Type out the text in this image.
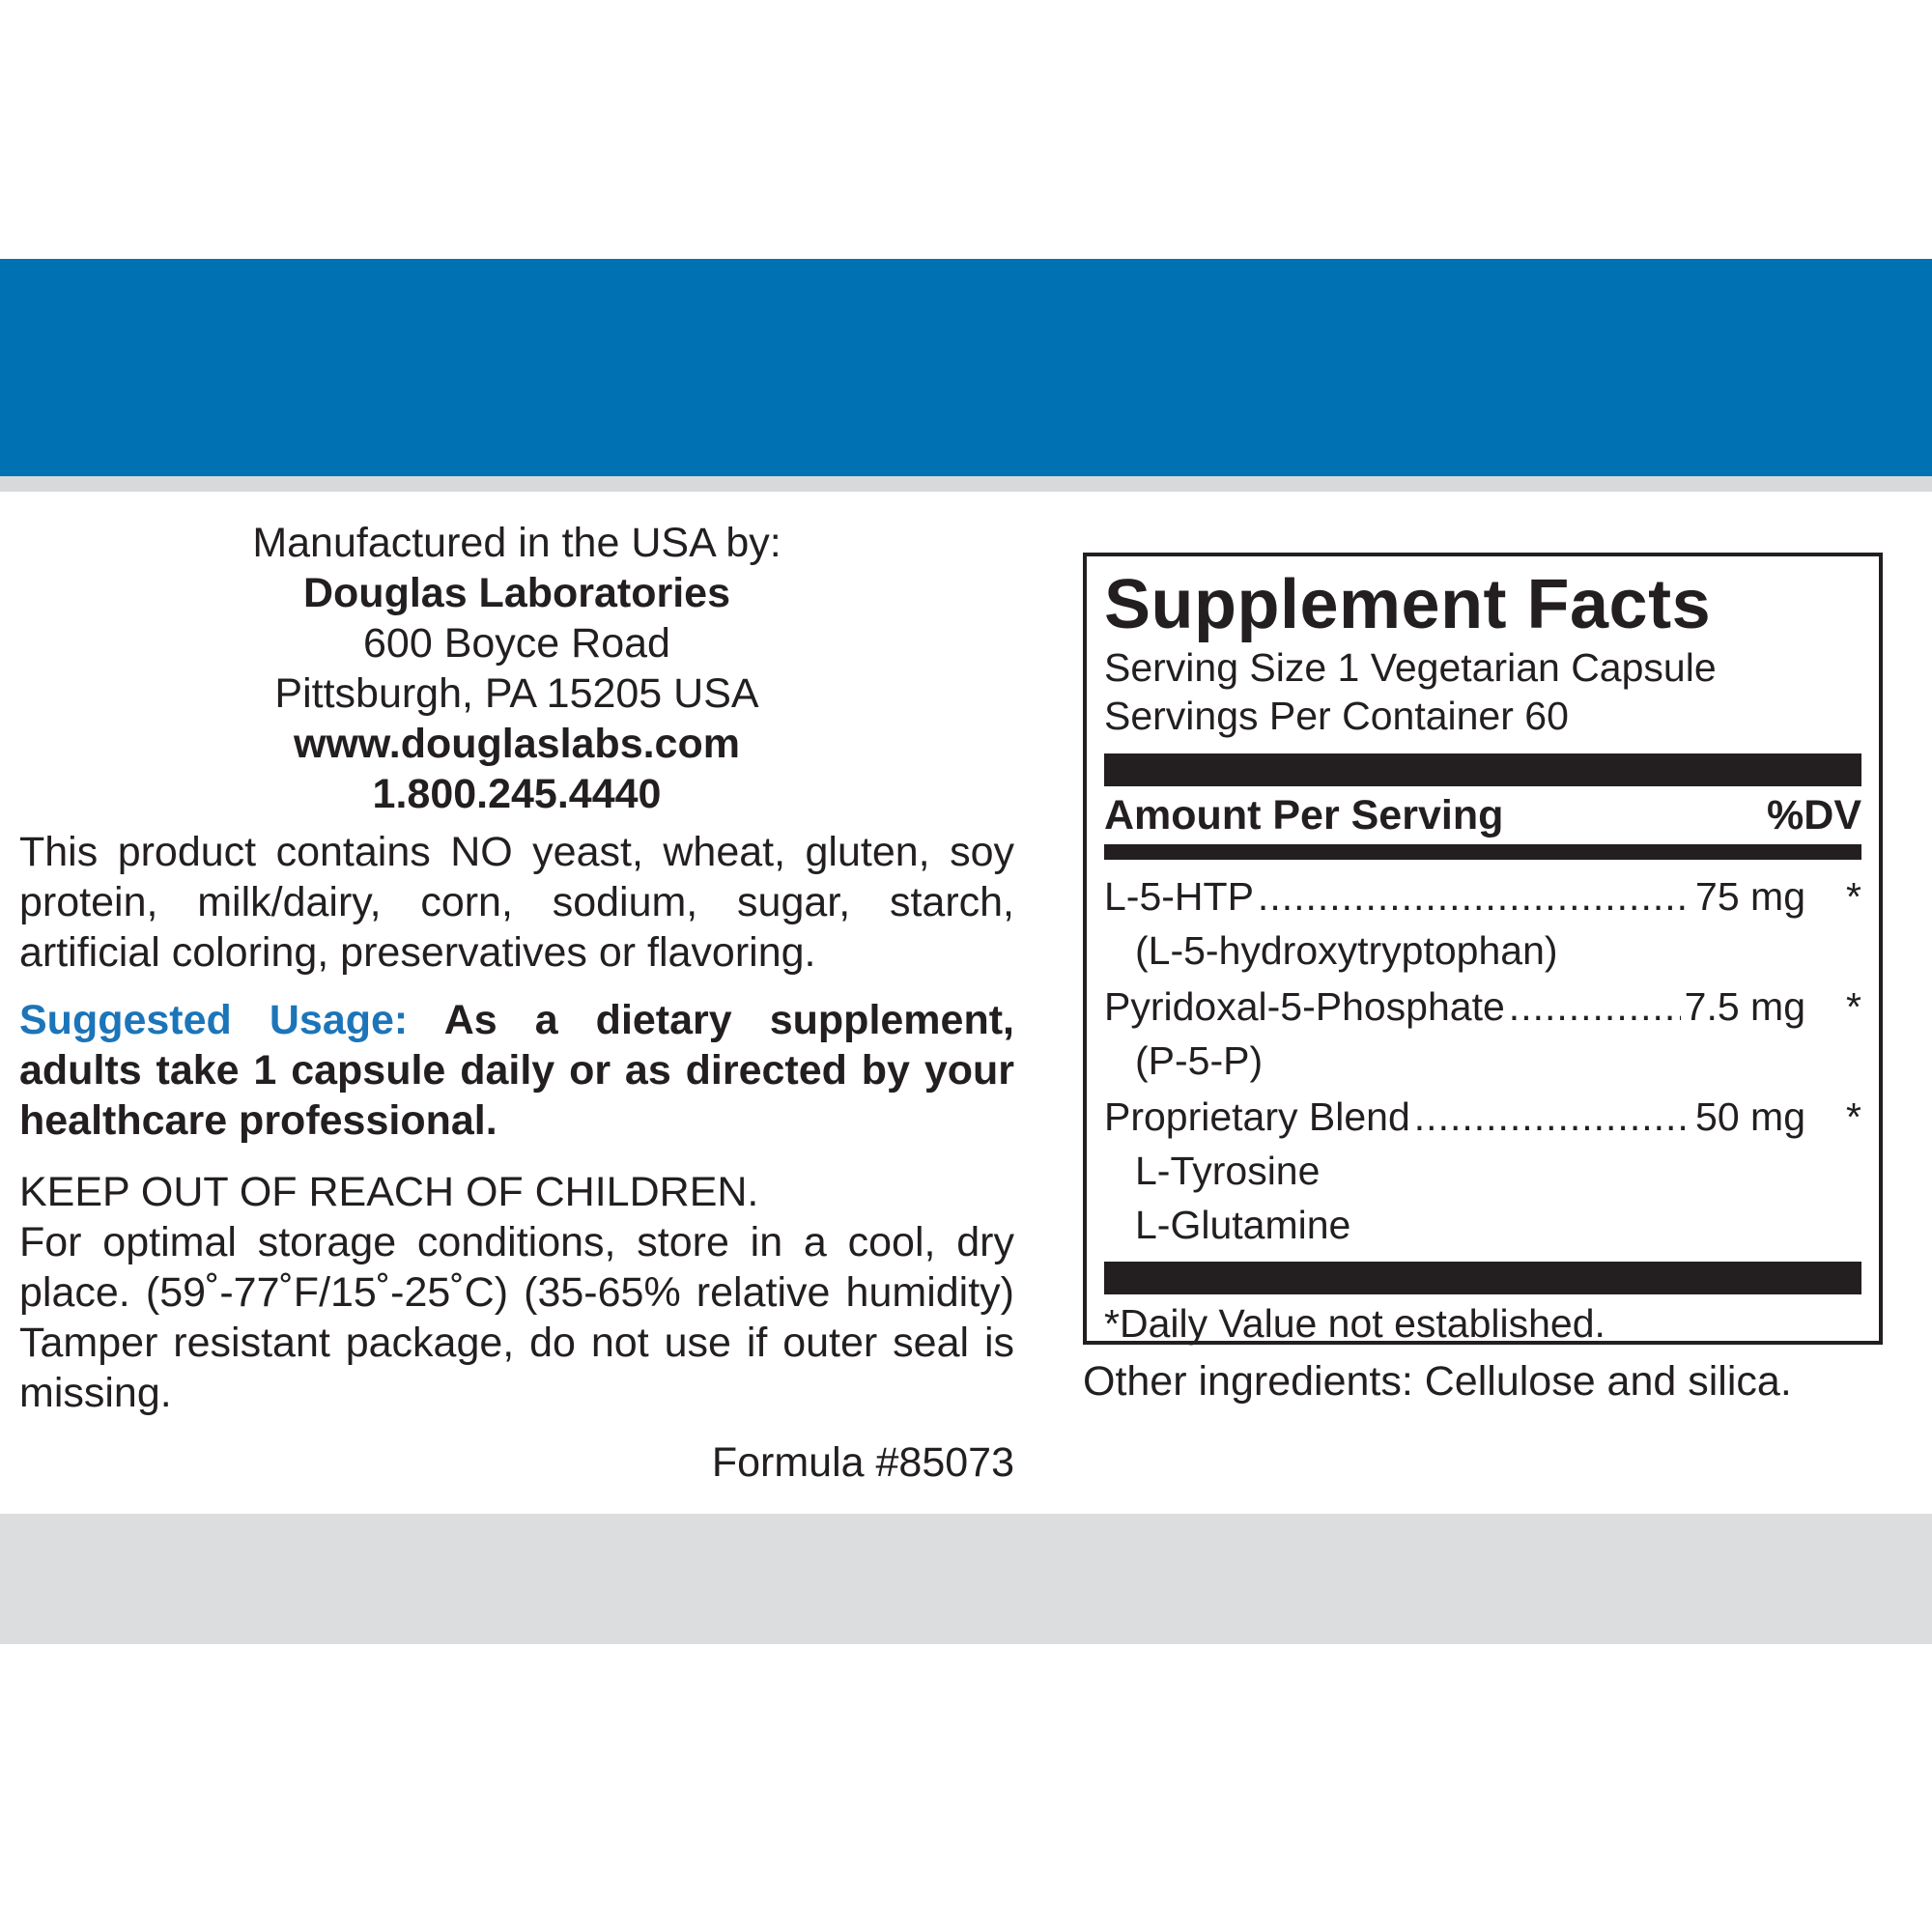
Manufactured in the USA by:
Douglas Laboratories
600 Boyce Road
Pittsburgh, PA 15205 USA
www.douglaslabs.com
1.800.245.4440
This product contains NO yeast, wheat, gluten, soy protein, milk/dairy, corn, sodium, sugar, starch, artificial coloring, preservatives or flavoring.
Suggested Usage: As a dietary supplement, adults take 1 capsule daily or as directed by your healthcare professional.
KEEP OUT OF REACH OF CHILDREN.
For optimal storage conditions, store in a cool, dry place. (59˚-77˚F/15˚-25˚C) (35-65% relative humidity) Tamper resistant package, do not use if outer seal is missing.
Formula #85073
Supplement Facts
Serving Size 1 Vegetarian Capsule
Servings Per Container 60
Amount Per Serving	%DV
L-5-HTP .....	75 mg	*
(L-5-hydroxytryptophan)
Pyridoxal-5-Phosphate .....	7.5 mg	*
(P-5-P)
Proprietary Blend .....	50 mg	*
L-Tyrosine
L-Glutamine
*Daily Value not established.
Other ingredients: Cellulose and silica.
